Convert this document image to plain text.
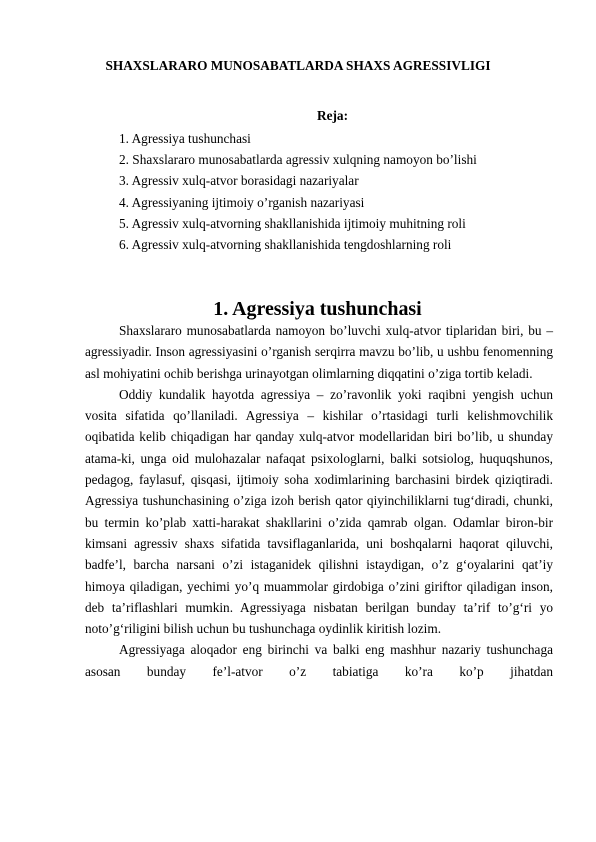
SHAXSLARARO MUNOSABATLARDA SHAXS AGRESSIVLIGI

Reja:

1. Agressiya tushunchasi
2. Shaxslararo munosabatlarda agressiv xulqning namoyon bo’lishi
3. Agressiv xulq-atvor borasidagi nazariyalar
4. Agressiyaning ijtimoiy o’rganish nazariyasi
5. Agressiv xulq-atvorning shakllanishida ijtimoiy muhitning roli
6. Agressiv xulq-atvorning shakllanishida tengdoshlarning roli
1. Agressiya tushunchasi

Shaxslararo munosabatlarda namoyon bo’luvchi xulq-atvor tiplaridan biri, bu – agressiyadir. Inson agressiyasini o’rganish serqirra mavzu bo’lib, u ushbu fenomenning asl mohiyatini ochib berishga urinayotgan olimlarning diqqatini o’ziga tortib keladi.

Oddiy kundalik hayotda agressiya – zo’ravonlik yoki raqibni yengish uchun vosita sifatida qo’llaniladi. Agressiya – kishilar o’rtasidagi turli kelishmovchilik oqibatida kelib chiqadigan har qanday xulq-atvor modellaridan biri bo’lib, u shunday atama-ki, unga oid mulohazalar nafaqat psixologlarni, balki sotsiolog, huquqshunos, pedagog, faylasuf, qisqasi, ijtimoiy soha xodimlarining barchasini birdek qiziqtiradi. Agressiya tushunchasining o’ziga izoh berish qator qiyinchiliklarni tug‘diradi, chunki, bu termin ko’plab xatti-harakat shakllarini o’zida qamrab olgan. Odamlar biron-bir kimsani agressiv shaxs sifatida tavsiflaganlarida, uni boshqalarni haqorat qiluvchi, badfe’l, barcha narsani o’zi istaganidek qilishni istaydigan, o’z g‘oyalarini qat’iy himoya qiladigan, yechimi yo’q muammolar girdobiga o’zini giriftor qiladigan inson, deb ta’riflashlari mumkin. Agressiyaga nisbatan berilgan bunday ta’rif to’g‘ri yo noto’g‘riligini bilish uchun bu tushunchaga oydinlik kiritish lozim.

Agressiyaga aloqador eng birinchi va balki eng mashhur nazariy tushunchaga asosan bunday fe’l-atvor o’z tabiatiga ko’ra ko’p jihatdan
